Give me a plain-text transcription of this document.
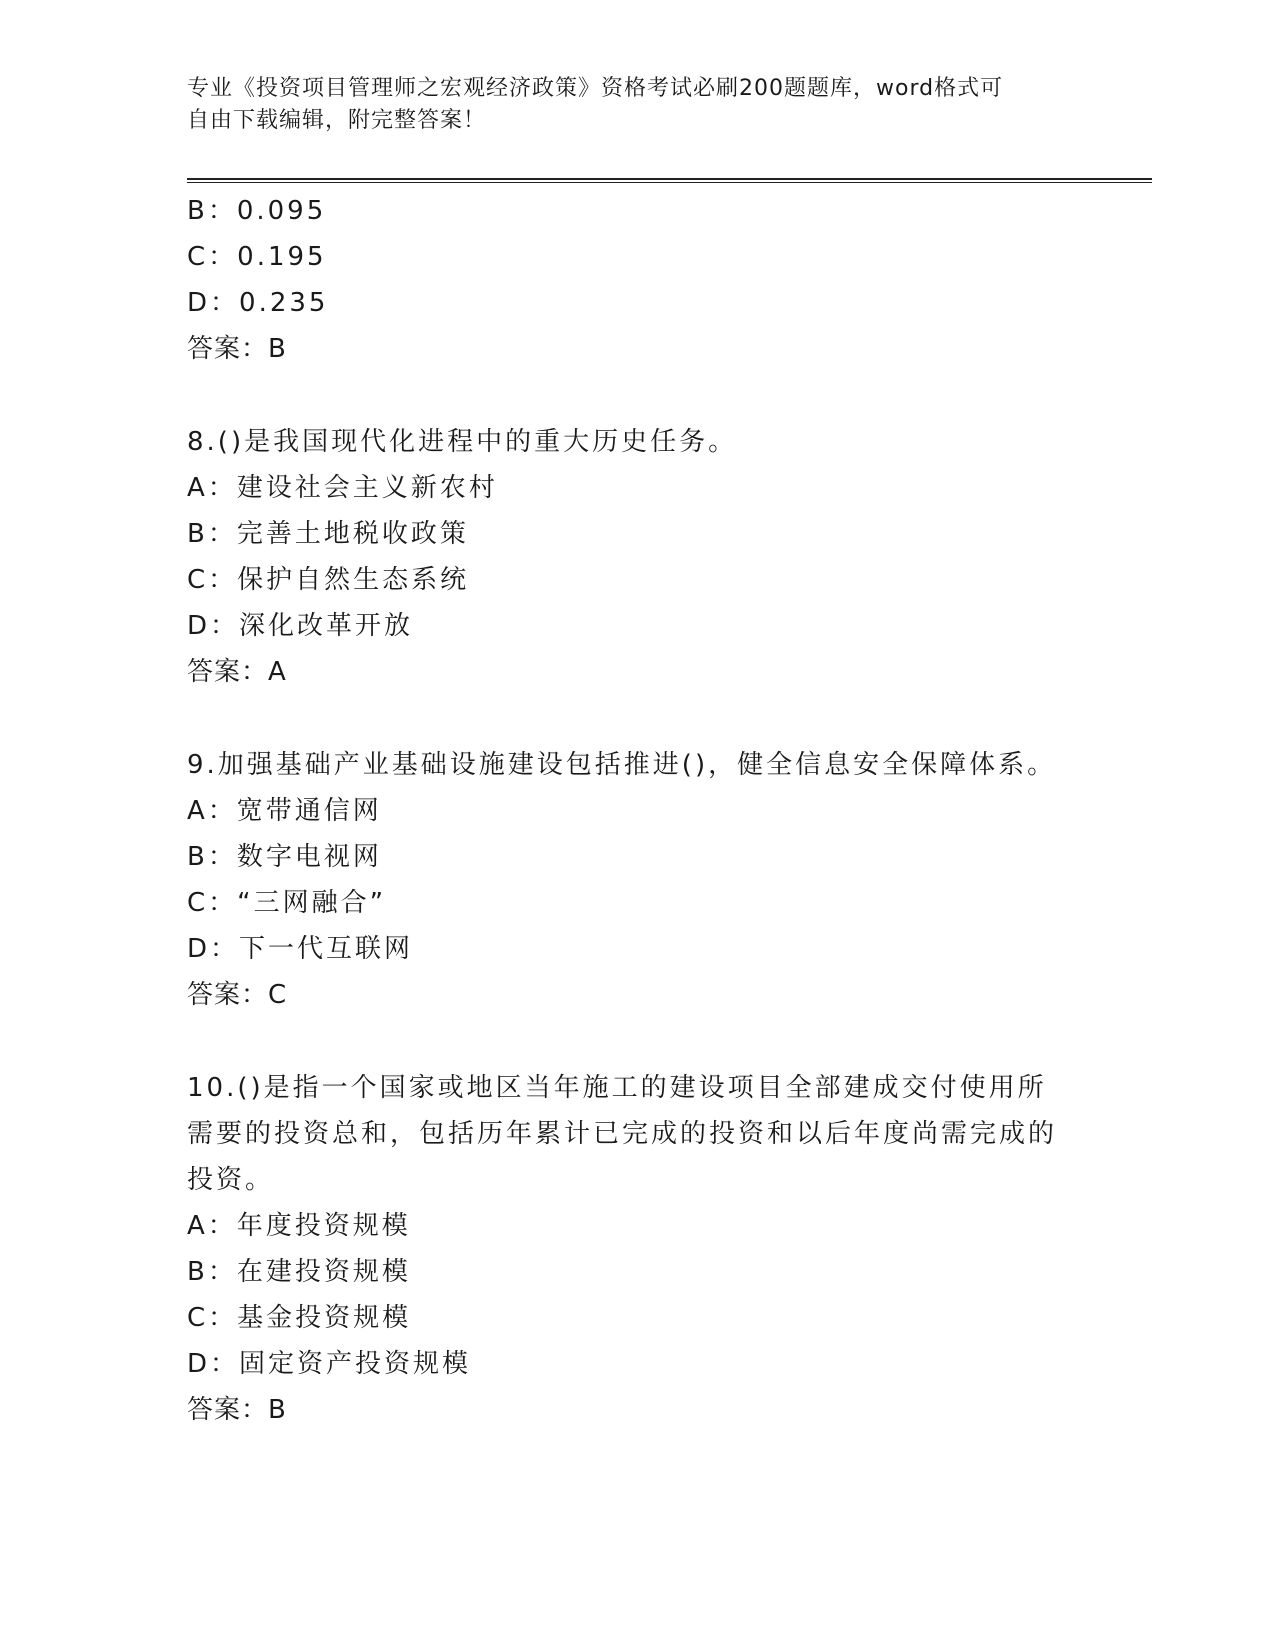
专业《投资项目管理师之宏观经济政策》资格考试必刷200题题库，word格式可
自由下载编辑，附完整答案！
B：0.095
C：0.195
D：0.235
答案：B
8.()是我国现代化进程中的重大历史任务。
A：建设社会主义新农村
B：完善土地税收政策
C：保护自然生态系统
D：深化改革开放
答案：A
9.加强基础产业基础设施建设包括推进()，健全信息安全保障体系。
A：宽带通信网
B：数字电视网
C：“三网融合”
D：下一代互联网
答案：C
10.()是指一个国家或地区当年施工的建设项目全部建成交付使用所需要的投资总和，包括历年累计已完成的投资和以后年度尚需完成的投资。
A：年度投资规模
B：在建投资规模
C：基金投资规模
D：固定资产投资规模
答案：B
